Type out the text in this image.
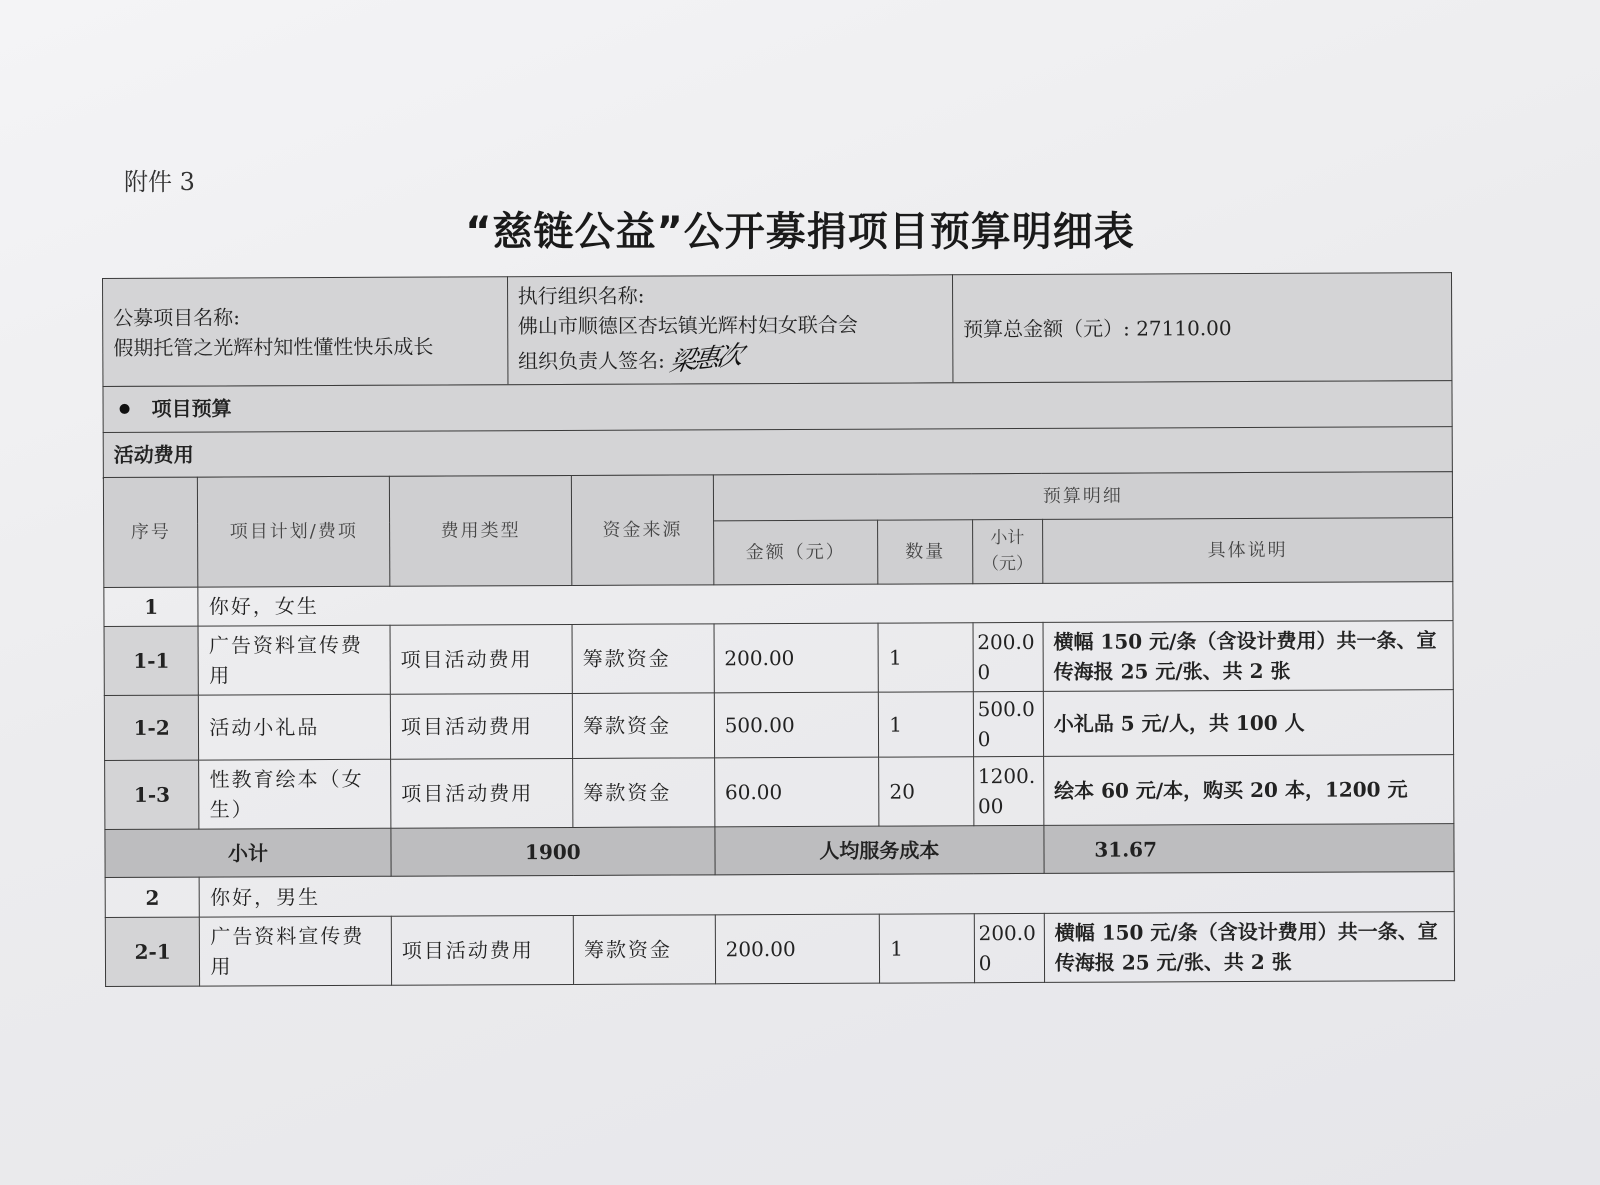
附件 3
“慈链公益”公开募捐项目预算明细表
公募项目名称:
假期托管之光辉村知性懂性快乐成长

执行组织名称:
佛山市顺德区杏坛镇光辉村妇女联合会
组织负责人签名: 梁惠次
	预算总金额（元）: 27110.00
项目预算
活动费用
序号	项目计划/费项	费用类型	资金来源	预算明细			
				金额（元）	数量	小计（元）	具体说明
1	你好，女生						
1-1	广告资料宣传费用	项目活动费用	筹款资金	200.00	1	200.00	横幅 150 元/条（含设计费用）共一条、宣传海报 25 元/张、共 2 张
1-2	活动小礼品	项目活动费用	筹款资金	500.00	1	500.00	小礼品 5 元/人，共 100 人
1-3	性教育绘本（女生）	项目活动费用	筹款资金	60.00	20	1200.00	绘本 60 元/本，购买 20 本，1200 元
小计		1900		人均服务成本			31.67
2	你好，男生						
2-1	广告资料宣传费用	项目活动费用	筹款资金	200.00	1	200.00	横幅 150 元/条（含设计费用）共一条、宣传海报 25 元/张、共 2 张
